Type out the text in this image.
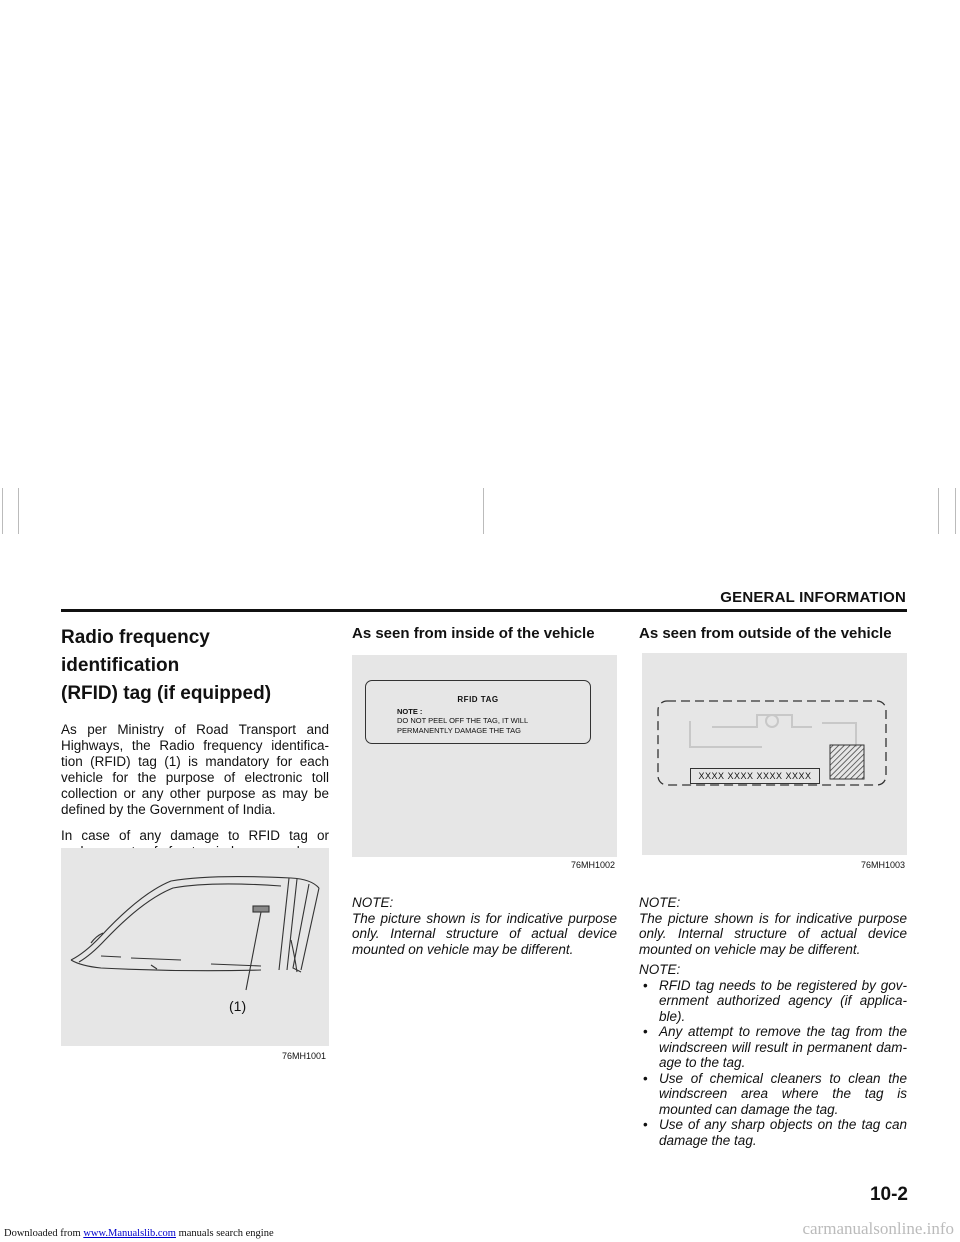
GENERAL INFORMATION
Radio frequency identification
(RFID) tag (if equipped)

As per Ministry of Road Transport and Highways, the Radio frequency identifica-tion (RFID) tag (1) is mandatory for each vehicle for the purpose of electronic toll collection or any other purpose as may be defined by the Government of India.

In case of any damage to RFID tag or

(1)
76MH1001
As seen from inside of the vehicle
RFID TAG
NOTE :
DO NOT PEEL OFF THE TAG, IT WILL
PERMANENTLY DAMAGE THE TAG
76MH1002
NOTE:
The picture shown is for indicative purpose only. Internal structure of actual device mounted on vehicle may be different.
As seen from outside of the vehicle
XXXX XXXX XXXX XXXX
76MH1003
NOTE:
The picture shown is for indicative purpose only. Internal structure of actual device mounted on vehicle may be different.
NOTE:
• RFID tag needs to be registered by gov-ernment authorized agency (if applica-ble).
• Any attempt to remove the tag from the windscreen will result in permanent dam-age to the tag.
• Use of chemical cleaners to clean the windscreen area where the tag is mounted can damage the tag.
• Use of any sharp objects on the tag can damage the tag.
10-2
Downloaded from www.Manualslib.com manuals search engine	carmanualsonline.info
